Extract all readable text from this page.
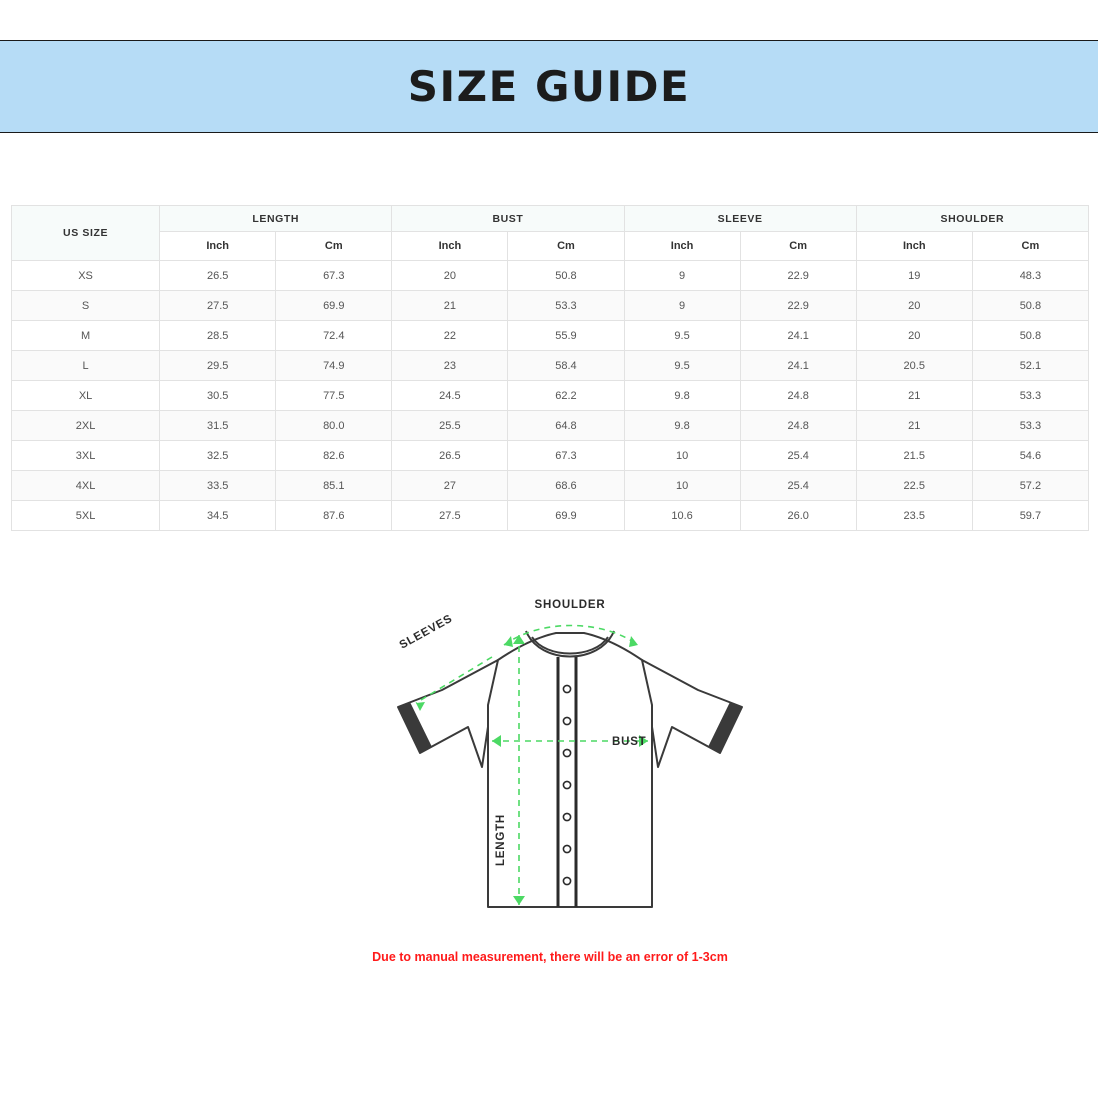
SIZE GUIDE
US SIZE	LENGTH		BUST		SLEEVE		SHOULDER	
	Inch	Cm	Inch	Cm	Inch	Cm	Inch	Cm
XS	26.5	67.3	20	50.8	9	22.9	19	48.3
S	27.5	69.9	21	53.3	9	22.9	20	50.8
M	28.5	72.4	22	55.9	9.5	24.1	20	50.8
L	29.5	74.9	23	58.4	9.5	24.1	20.5	52.1
XL	30.5	77.5	24.5	62.2	9.8	24.8	21	53.3
2XL	31.5	80.0	25.5	64.8	9.8	24.8	21	53.3
3XL	32.5	82.6	26.5	67.3	10	25.4	21.5	54.6
4XL	33.5	85.1	27	68.6	10	25.4	22.5	57.2
5XL	34.5	87.6	27.5	69.9	10.6	26.0	23.5	59.7
SHOULDER
SLEEVES
BUST
LENGTH
Due to manual measurement, there will be an error of 1-3cm
